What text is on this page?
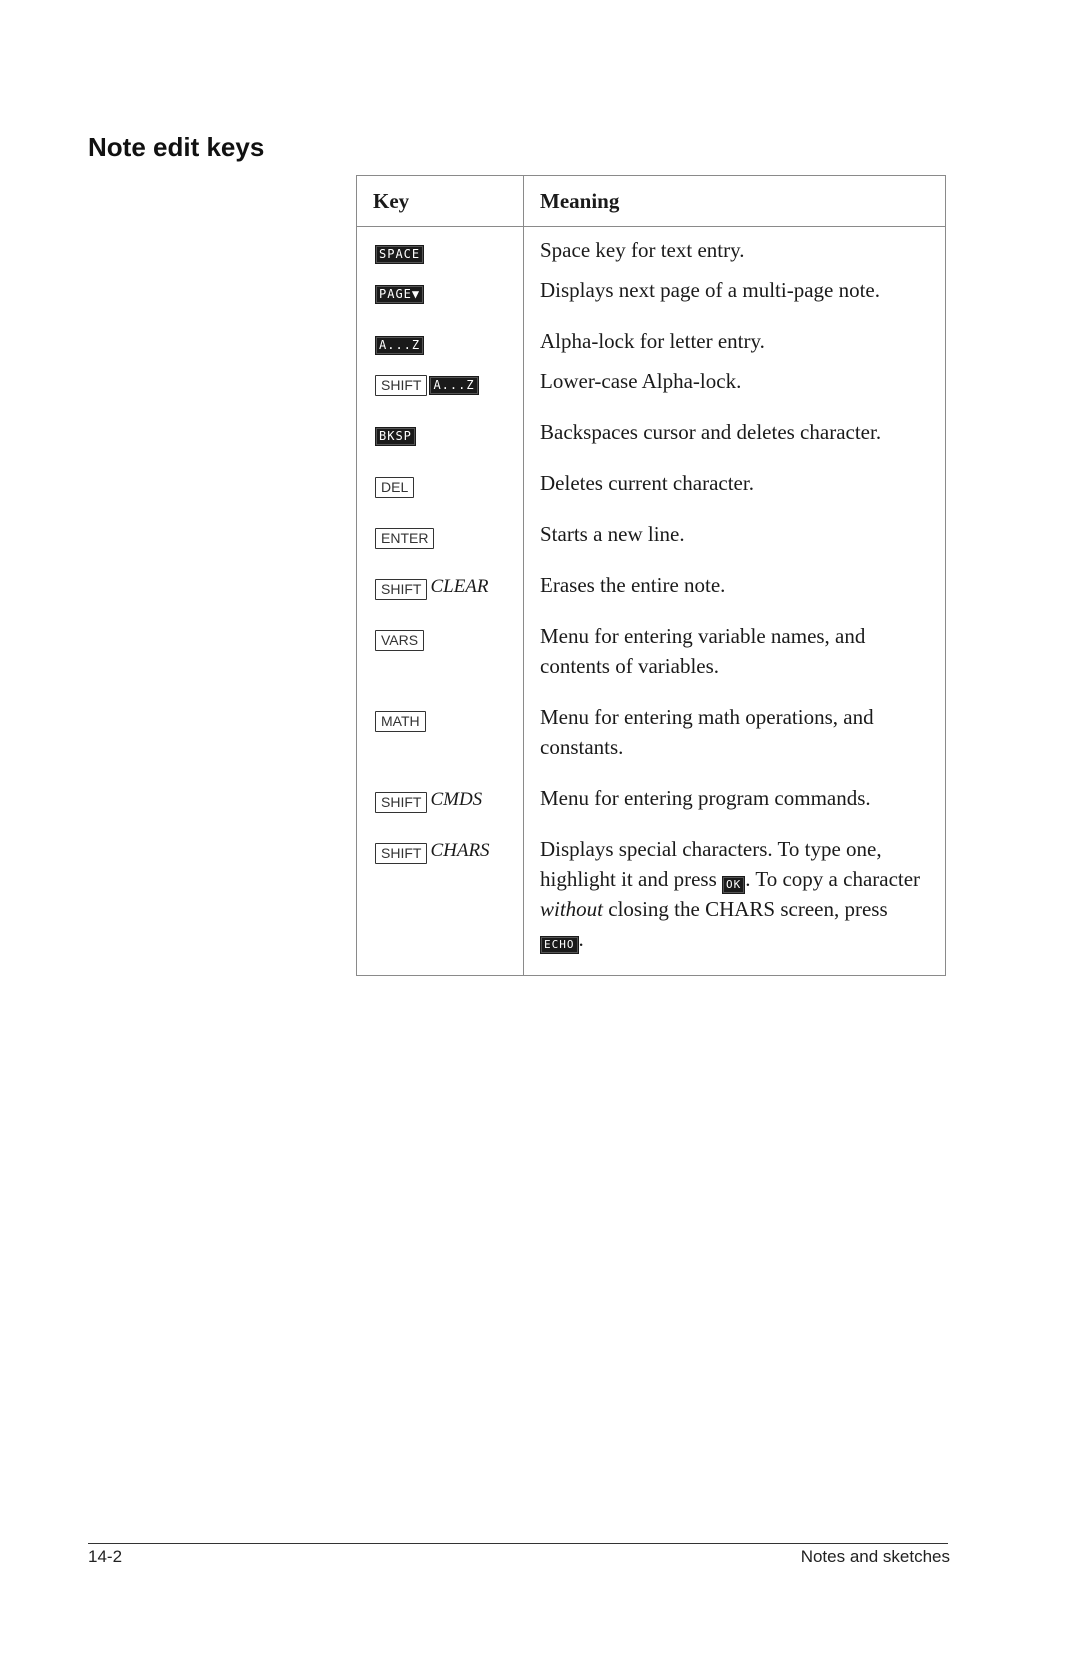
Note edit keys
Key	Meaning
SPACE	Space key for text entry.
PAGE▼	Displays next page of a multi-page note.
A...Z	Alpha-lock for letter entry.
SHIFT A...Z	Lower-case Alpha-lock.
BKSP	Backspaces cursor and deletes character.
DEL	Deletes current character.
ENTER	Starts a new line.
SHIFT CLEAR	Erases the entire note.
VARS	Menu for entering variable names, and contents of variables.
MATH	Menu for entering math operations, and constants.
SHIFT CMDS	Menu for entering program commands.
SHIFT CHARS	Displays special characters. To type one, highlight it and press OK . To copy a character without closing the CHARS screen, press ECHO .
14-2	Notes and sketches
